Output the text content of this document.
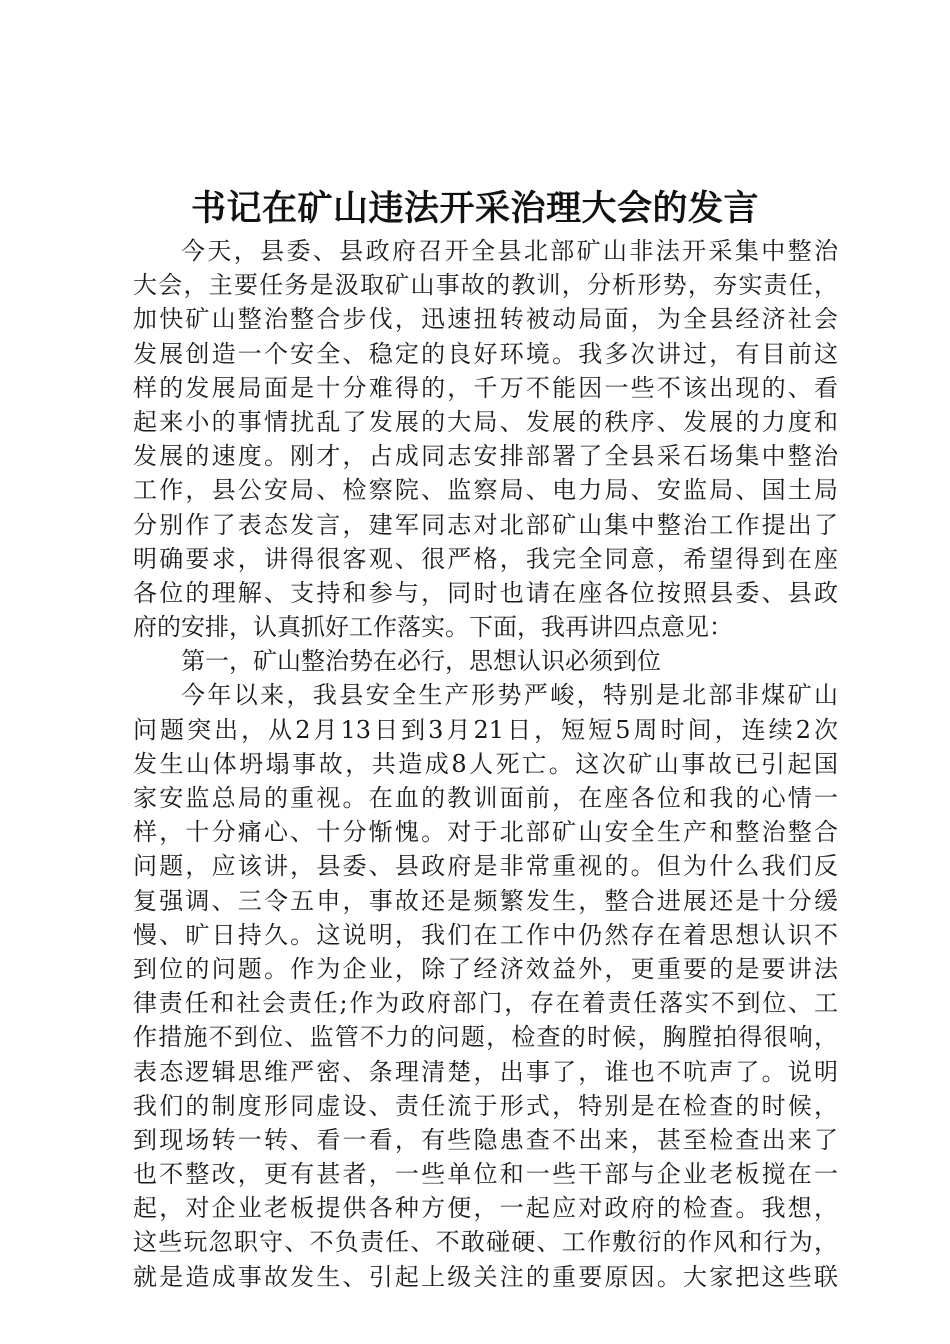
书记在矿山违法开采治理大会的发言
今天，县委、县政府召开全县北部矿山非法开采集中整治
大会，主要任务是汲取矿山事故的教训，分析形势，夯实责任，
加快矿山整治整合步伐，迅速扭转被动局面，为全县经济社会
发展创造一个安全、稳定的良好环境。我多次讲过，有目前这
样的发展局面是十分难得的，千万不能因一些不该出现的、看
起来小的事情扰乱了发展的大局、发展的秩序、发展的力度和
发展的速度。刚才，占成同志安排部署了全县采石场集中整治
工作，县公安局、检察院、监察局、电力局、安监局、国土局
分别作了表态发言，建军同志对北部矿山集中整治工作提出了
明确要求，讲得很客观、很严格，我完全同意，希望得到在座
各位的理解、支持和参与，同时也请在座各位按照县委、县政
府的安排，认真抓好工作落实。下面，我再讲四点意见：
第一，矿山整治势在必行，思想认识必须到位
今年以来，我县安全生产形势严峻，特别是北部非煤矿山
问题突出，从2月13日到3月21日，短短5周时间，连续2次
发生山体坍塌事故，共造成8人死亡。这次矿山事故已引起国
家安监总局的重视。在血的教训面前，在座各位和我的心情一
样，十分痛心、十分惭愧。对于北部矿山安全生产和整治整合
问题，应该讲，县委、县政府是非常重视的。但为什么我们反
复强调、三令五申，事故还是频繁发生，整合进展还是十分缓
慢、旷日持久。这说明，我们在工作中仍然存在着思想认识不
到位的问题。作为企业，除了经济效益外，更重要的是要讲法
律责任和社会责任;作为政府部门，存在着责任落实不到位、工
作措施不到位、监管不力的问题，检查的时候，胸膛拍得很响，
表态逻辑思维严密、条理清楚，出事了，谁也不吭声了。说明
我们的制度形同虚设、责任流于形式，特别是在检查的时候，
到现场转一转、看一看，有些隐患查不出来，甚至检查出来了
也不整改，更有甚者，一些单位和一些干部与企业老板搅在一
起，对企业老板提供各种方便，一起应对政府的检查。我想，
这些玩忽职守、不负责任、不敢碰硬、工作敷衍的作风和行为，
就是造成事故发生、引起上级关注的重要原因。大家把这些联
